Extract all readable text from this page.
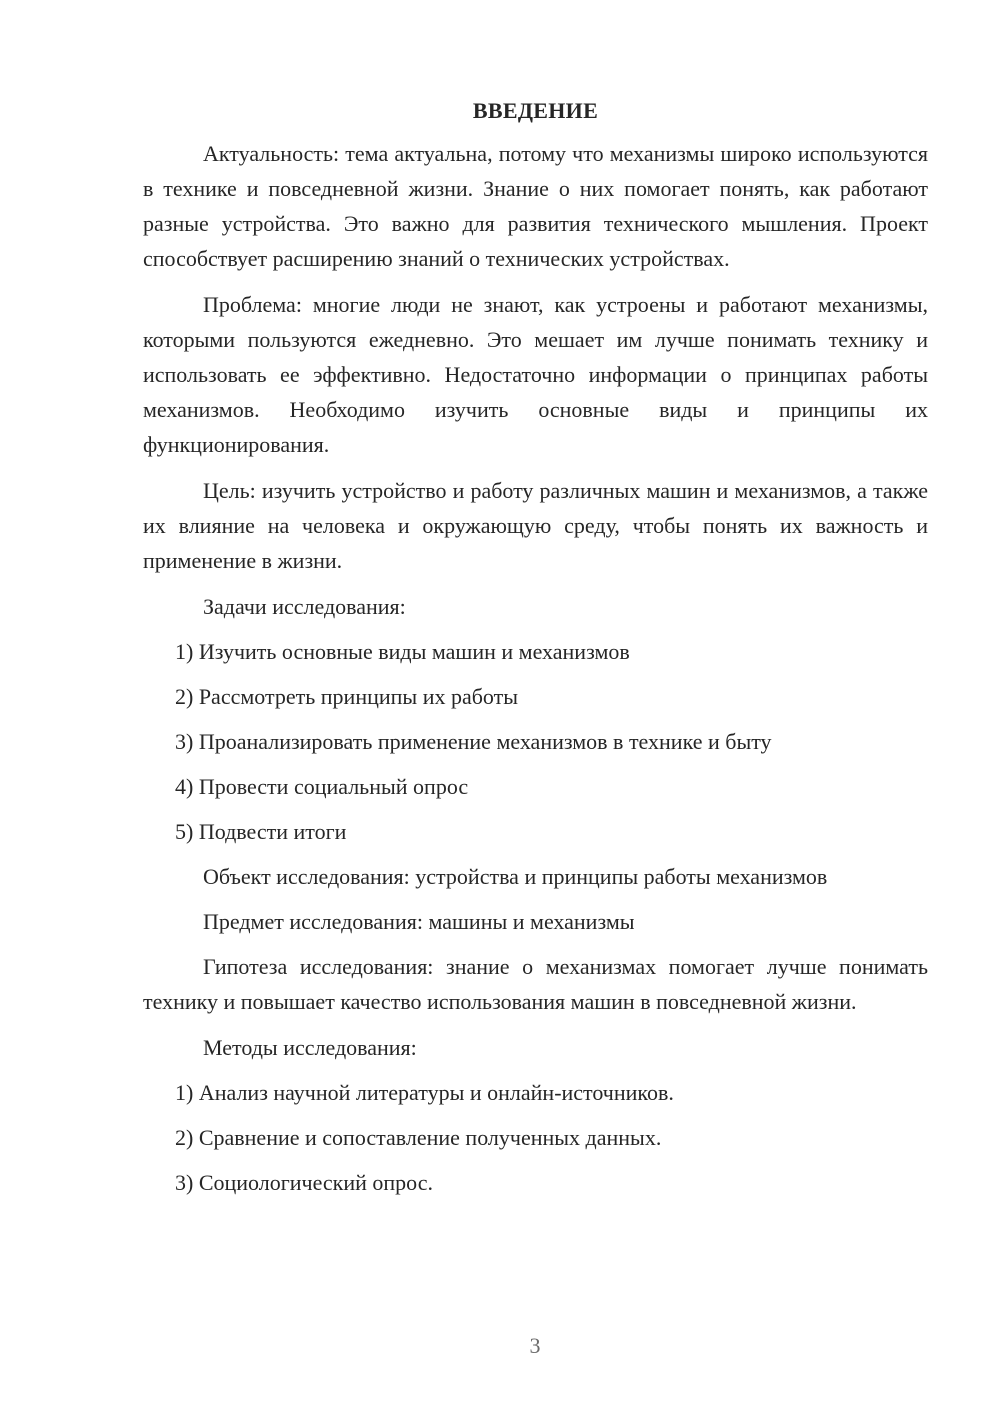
ВВЕДЕНИЕ

Актуальность: тема актуальна, потому что механизмы широко используются в технике и повседневной жизни. Знание о них помогает понять, как работают разные устройства. Это важно для развития технического мышления. Проект способствует расширению знаний о технических устройствах.

Проблема: многие люди не знают, как устроены и работают механизмы, которыми пользуются ежедневно. Это мешает им лучше понимать технику и использовать ее эффективно. Недостаточно информации о принципах работы механизмов. Необходимо изучить основные виды и принципы их функционирования.

Цель: изучить устройство и работу различных машин и механизмов, а также их влияние на человека и окружающую среду, чтобы понять их важность и применение в жизни.

Задачи исследования:
1) Изучить основные виды машин и механизмов
2) Рассмотреть принципы их работы
3) Проанализировать применение механизмов в технике и быту
4) Провести социальный опрос
5) Подвести итоги
Объект исследования: устройства и принципы работы механизмов
Предмет исследования: машины и механизмы

Гипотеза исследования: знание о механизмах помогает лучше понимать технику и повышает качество использования машин в повседневной жизни.

Методы исследования:
1) Анализ научной литературы и онлайн-источников.
2) Сравнение и сопоставление полученных данных.
3) Социологический опрос.
3
